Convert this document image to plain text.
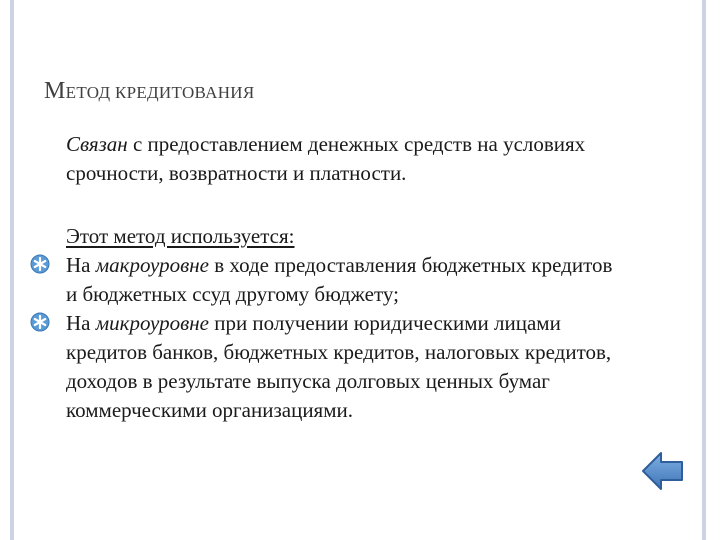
МЕТОД КРЕДИТОВАНИЯ

Связан с предоставлением денежных средств на условиях срочности, возвратности и платности.

Этот метод используется:

На макроуровне в ходе предоставления бюджетных кредитов и бюджетных ссуд другому бюджету;

На микроуровне при получении юридическими лицами кредитов банков, бюджетных кредитов, налоговых кредитов, доходов в результате выпуска долговых ценных бумаг коммерческими организациями.
